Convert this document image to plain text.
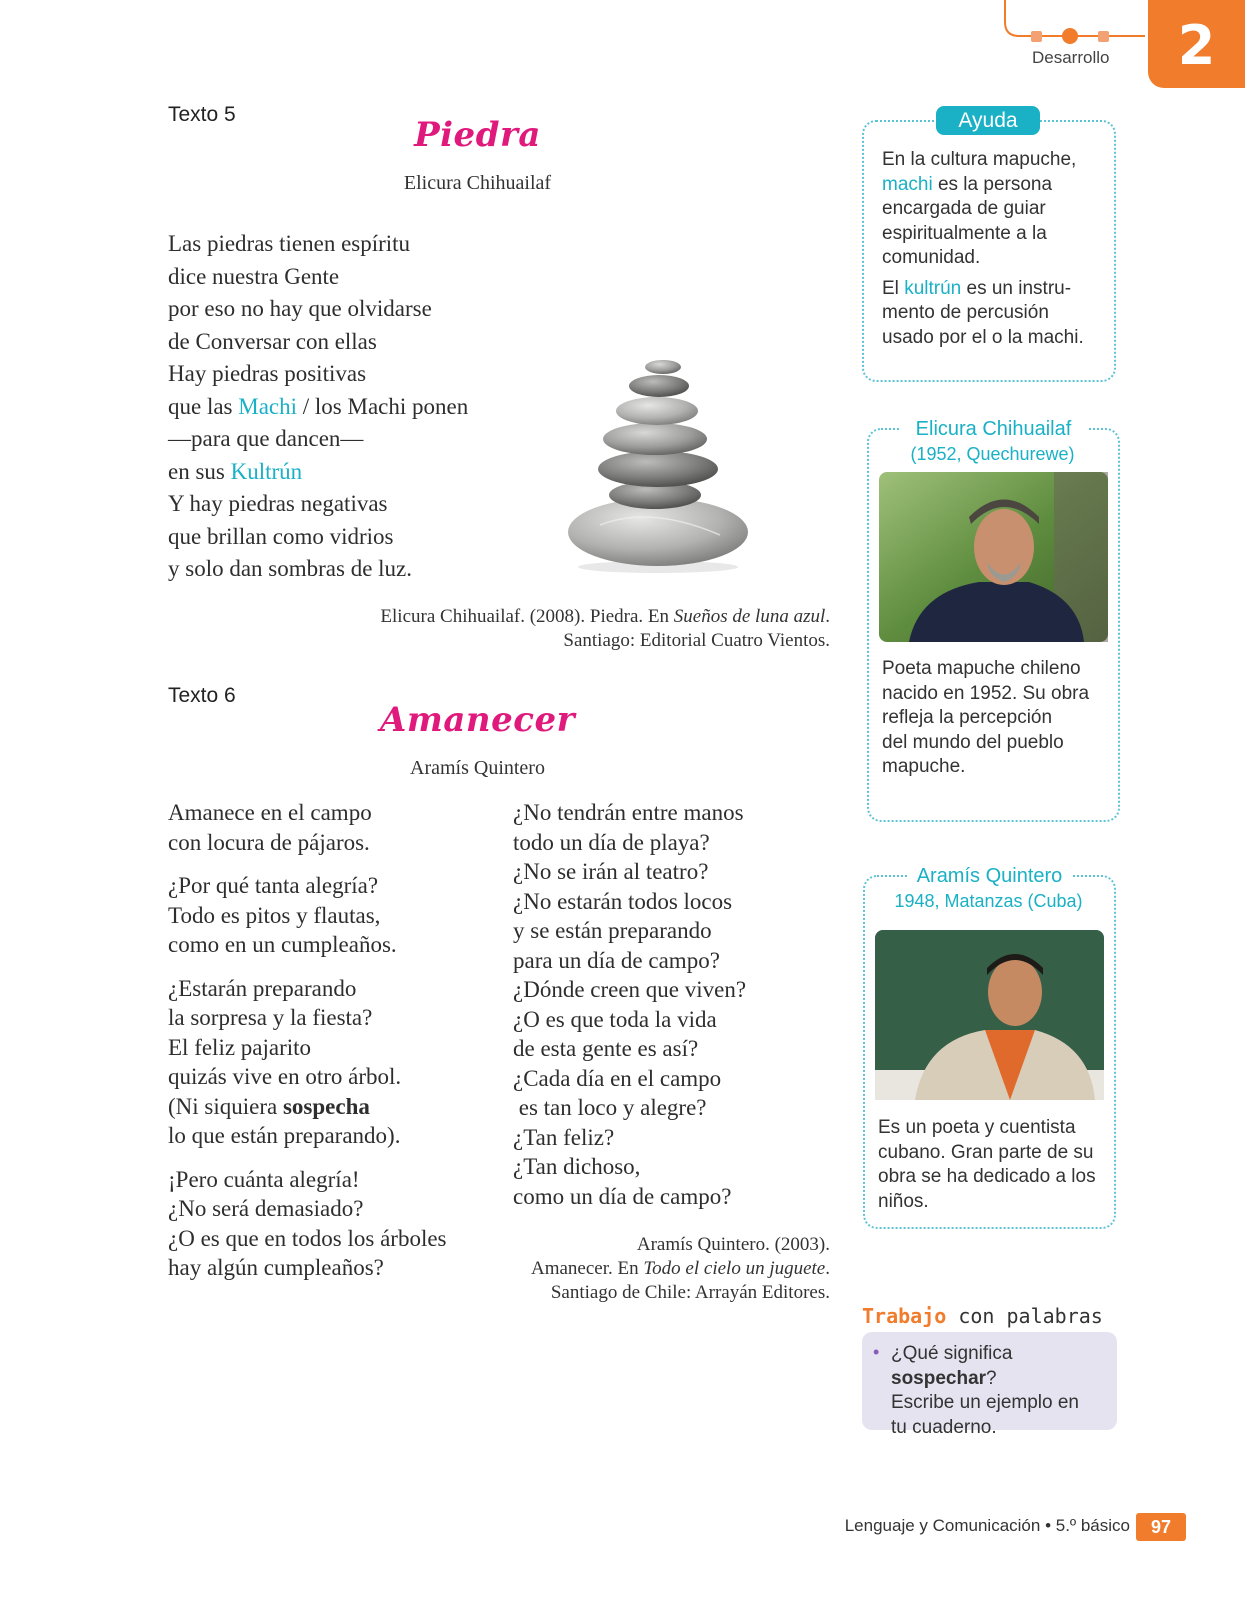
2
Desarrollo
Texto 5
Piedra
Elicura Chihuailaf
Las piedras tienen espíritu
dice nuestra Gente
por eso no hay que olvidarse
de Conversar con ellas
Hay piedras positivas
que las Machi / los Machi ponen
—para que dancen—
en sus Kultrún
Y hay piedras negativas
que brillan como vidrios
y solo dan sombras de luz.
Elicura Chihuailaf. (2008). Piedra. En Sueños de luna azul.
Santiago: Editorial Cuatro Vientos.
Texto 6
Amanecer
Aramís Quintero
Amanece en el campo
con locura de pájaros.
¿Por qué tanta alegría?
Todo es pitos y flautas,
como en un cumpleaños.
¿Estarán preparando
la sorpresa y la fiesta?
El feliz pajarito
quizás vive en otro árbol.
(Ni siquiera sospecha
lo que están preparando).
¡Pero cuánta alegría!
¿No será demasiado?
¿O es que en todos los árboles
hay algún cumpleaños?
¿No tendrán entre manos
todo un día de playa?
¿No se irán al teatro?
¿No estarán todos locos
y se están preparando
para un día de campo?
¿Dónde creen que viven?
¿O es que toda la vida
de esta gente es así?
¿Cada día en el campo
es tan loco y alegre?
¿Tan feliz?
¿Tan dichoso,
como un día de campo?
Aramís Quintero. (2003).
Amanecer. En Todo el cielo un juguete.
Santiago de Chile: Arrayán Editores.
En la cultura mapuche,
machi es la persona
encargada de guiar
espiritualmente a la
comunidad.
El kultrún es un instru-
mento de percusión
usado por el o la machi.
Ayuda
Elicura Chihuailaf
(1952, Quechurewe)
Poeta mapuche chileno
nacido en 1952. Su obra
refleja la percepción
del mundo del pueblo
mapuche.
Aramís Quintero
1948, Matanzas (Cuba)
Es un poeta y cuentista
cubano. Gran parte de su
obra se ha dedicado a los
niños.
Trabajo con palabras
• ¿Qué significa sospechar?
Escribe un ejemplo en
tu cuaderno.
Lenguaje y Comunicación • 5.º básico	97
